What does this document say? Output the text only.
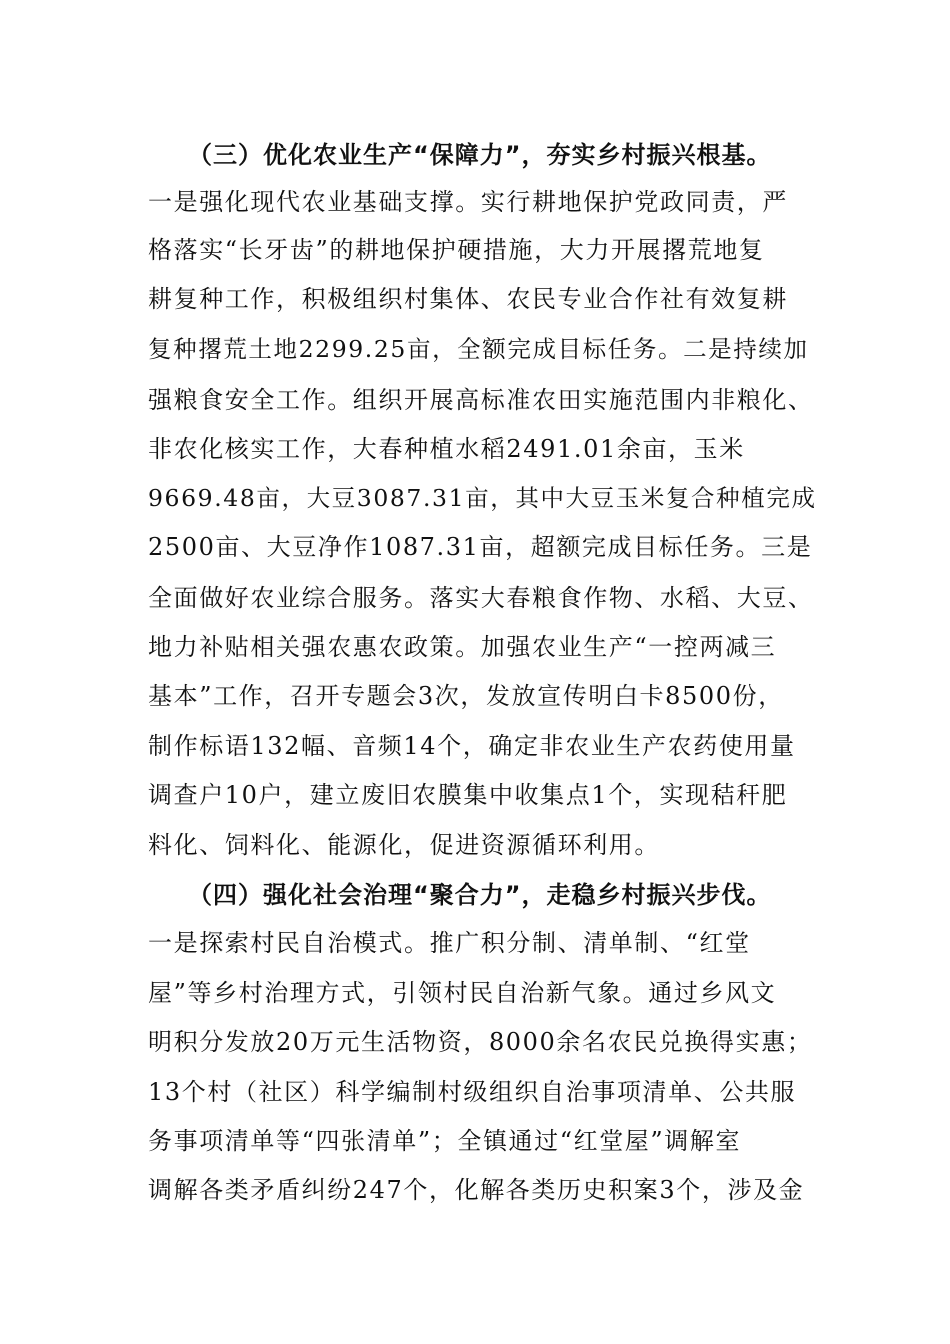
（三）优化农业生产“保障力”，夯实乡村振兴根基。
一是强化现代农业基础支撑。实行耕地保护党政同责，严
格落实“长牙齿”的耕地保护硬措施，大力开展撂荒地复
耕复种工作，积极组织村集体、农民专业合作社有效复耕
复种撂荒土地2299.25亩，全额完成目标任务。二是持续加
强粮食安全工作。组织开展高标准农田实施范围内非粮化、
非农化核实工作，大春种植水稻2491.01余亩，玉米
9669.48亩，大豆3087.31亩，其中大豆玉米复合种植完成
2500亩、大豆净作1087.31亩，超额完成目标任务。三是
全面做好农业综合服务。落实大春粮食作物、水稻、大豆、
地力补贴相关强农惠农政策。加强农业生产“一控两减三
基本”工作，召开专题会3次，发放宣传明白卡8500份，
制作标语132幅、音频14个，确定非农业生产农药使用量
调查户10户，建立废旧农膜集中收集点1个，实现秸秆肥
料化、饲料化、能源化，促进资源循环利用。
（四）强化社会治理“聚合力”，走稳乡村振兴步伐。
一是探索村民自治模式。推广积分制、清单制、“红堂
屋”等乡村治理方式，引领村民自治新气象。通过乡风文
明积分发放20万元生活物资，8000余名农民兑换得实惠；
13个村（社区）科学编制村级组织自治事项清单、公共服
务事项清单等“四张清单”；全镇通过“红堂屋”调解室
调解各类矛盾纠纷247个，化解各类历史积案3个，涉及金
